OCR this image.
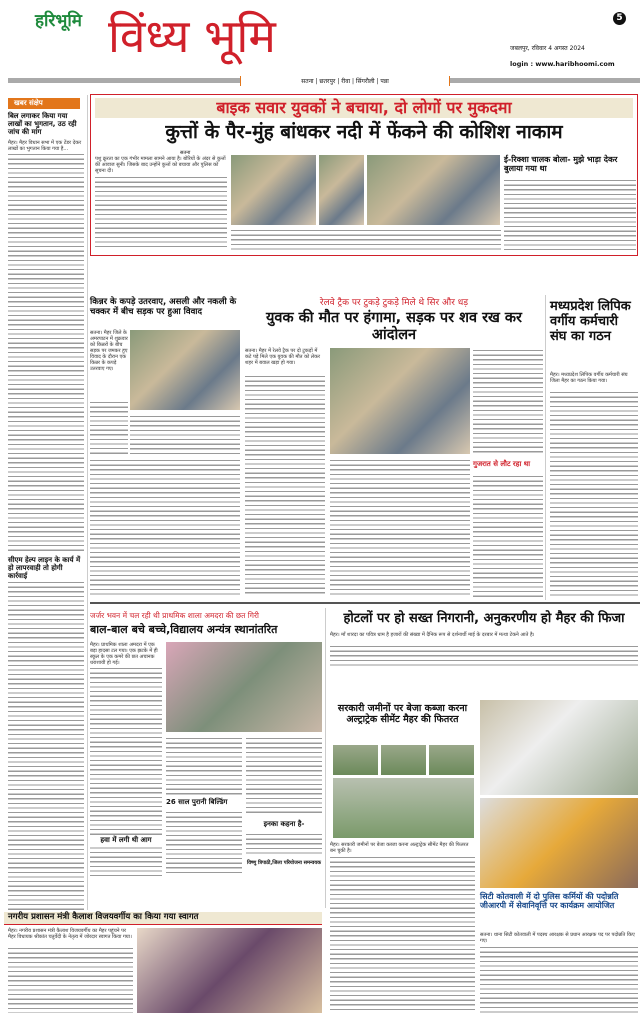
हरिभूमि विंध्य भूमि	5
जबलपुर, रविवार 4 अगस्त 2024
login : www.haribhoomi.com
सतना | छतरपुर | रीवा | सिंगरौली | पन्ना
खबर संक्षेप
बिल लगाकर किया गया लाखों का भुगतान, उठ रही जांच की मांग
मैहर। मैहर विधान सभा में एक टेंडर देकर लाखों का भुगतान किया गया है...
सीएम हेल्प लाइन के कार्य में हो लापरवाही तो होगी कार्रवाई
बाइक सवार युवकों ने बचाया, दो लोगों पर मुकदमा
कुत्तों के पैर-मुंह बांधकर नदी में फेंकने की कोशिश नाकाम
सतना
पशु क्रूरता का एक गंभीर मामला सामने आया है। बोरियों के अंदर से कुत्तों की आवाज सुनी। जिसके बाद उन्होंने कुत्तों को बचाया और पुलिस को सूचना दी।
ई-रिक्शा चालक बोला- मुझे भाड़ा देकर बुलाया गया था
किन्नर के कपड़े उतरवाए, असली और नकली के चक्कर में बीच सड़क पर हुआ विवाद
सतना। मैहर जिले के अमरपाटन में शुक्रवार को किन्नरों के बीच सड़क पर जमकर हुए विवाद के दौरान एक किन्नर के कपड़े उतरवाए गए।
रेलवे ट्रैक पर टुकड़े टुकड़े मिले थे सिर और धड़
युवक की मौत पर हंगामा, सड़क पर शव रख कर आंदोलन
सतना। मैहर में रेलवे ट्रैक पर दो टुकड़ों में कटे पड़े मिले एक युवक की मौत को लेकर शहर में बवाल खड़ा हो गया।
गुजरात से लौट रहा था
मध्यप्रदेश लिपिक वर्गीय कर्मचारी संघ का गठन
मैहर। मध्यप्रदेश लिपिक वर्गीय कर्मचारी संघ जिला मैहर का गठन किया गया।
जर्जर भवन में चल रही थी प्राथमिक शाला अमदरा की छत गिरी
बाल-बाल बचे बच्चे,विद्यालय अन्यंत्र स्थानांतरित
मैहर। प्राथमिक शाला अमदरा में एक बड़ा हादसा टल गया। एक झटके में ही स्कूल के एक कमरे की छत अचानक धराशायी हो गई।
26 साल पुरानी बिल्डिंग
हवा में लगी थी आग
इनका कहना है-
विष्णु त्रिपाठी,जिला परियोजना समन्वयक
होटलों पर हो सख्त निगरानी, अनुकरणीय हो मैहर की फिजा
मैहर। माँ शारदा का पवित्र धाम है हजारों की संख्या में दैनिक रूप से दर्शनार्थी माई के दरबार में मत्था टेकने आते है।
सरकारी जमीनों पर बेजा कब्जा करना अल्ट्राट्रेक सीमेंट मैहर की फितरत
मैहर। सरकारी जमीनों पर बेजा कब्जा करना अल्ट्राट्रेक सीमेंट मैहर की फितरत बन चुकी है।
सिटी कोतवाली में दो पुलिस कर्मियों की पदोन्नति जीआरपी में सेवानिवृत्ति पर कार्यक्रम आयोजित
सतना। थाना सिटी कोतवाली में पदस्थ आरक्षक से प्रधान आरक्षक पद पर पदोन्नति किए गए।
नगरीय प्रशासन मंत्री कैलाश विजयवर्गीय का किया गया स्वागत
मैहर। नगरीय प्रशासन मंत्री कैलाश विजयवर्गीय का मैहर पहुंचने पर मैहर विधायक श्रीकांत चतुर्वेदी के नेतृत्व में जोरदार स्वागत किया गया।
